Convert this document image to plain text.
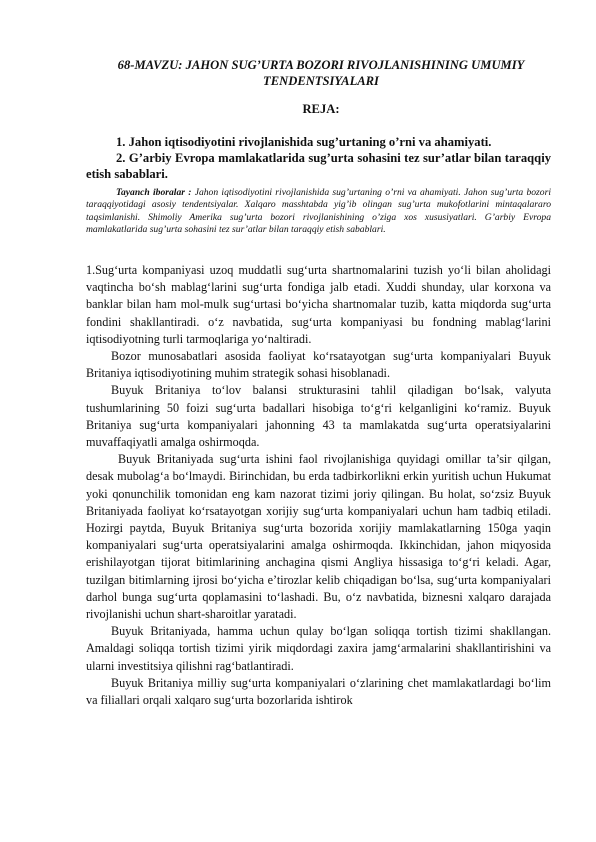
68-MAVZU: JAHON SUG’URTA BOZORI RIVOJLANISHINING UMUMIY TENDENTSIYALARI
REJA:

1. Jahon iqtisodiyotini rivojlanishida sug’urtaning o’rni va ahamiyati.

2. G’arbiy Evropa mamlakatlarida sug’urta sohasini tez sur’atlar bilan taraqqiy etish sabablari.

Tayanch iboralar : Jahon iqtisodiyotini rivojlanishida sug’urtaning o’rni va ahamiyati. Jahon sug’urta bozori taraqqiyotidagi asosiy tendentsiyalar. Xalqaro masshtabda yig’ib olingan sug’urta mukofotlarini mintaqalararo taqsimlanishi. Shimoliy Amerika sug’urta bozori rivojlanishining o’ziga xos xususiyatlari. G’arbiy Evropa mamlakatlarida sug’urta sohasini tez sur’atlar bilan taraqqiy etish sabablari.

1.Sug‘urta kompaniyasi uzoq muddatli sug‘urta shartnomalarini tuzish yo‘li bilan aholidagi vaqtincha bo‘sh mablag‘larini sug‘urta fondiga jalb etadi. Xuddi shunday, ular korxona va banklar bilan ham mol-mulk sug‘urtasi bo‘yicha shartnomalar tuzib, katta miqdorda sug‘urta fondini shakllantiradi. o‘z navbatida, sug‘urta kompaniyasi bu fondning mablag‘larini iqtisodiyotning turli tarmoqlariga yo‘naltiradi.

Bozor munosabatlari asosida faoliyat ko‘rsatayotgan sug‘urta kompaniyalari Buyuk Britaniya iqtisodiyotining muhim strategik sohasi hisoblanadi.

Buyuk Britaniya to‘lov balansi strukturasini tahlil qiladigan bo‘lsak, valyuta tushumlarining 50 foizi sug‘urta badallari hisobiga to‘g‘ri kelganligini ko‘ramiz. Buyuk Britaniya sug‘urta kompaniyalari jahonning 43 ta mamlakatda sug‘urta operatsiyalarini muvaffaqiyatli amalga oshirmoqda.

Buyuk Britaniyada sug‘urta ishini faol rivojlanishiga quyidagi omillar ta’sir qilgan, desak mubolag‘a bo‘lmaydi. Birinchidan, bu erda tadbirkorlikni erkin yuritish uchun Hukumat yoki qonunchilik tomonidan eng kam nazorat tizimi joriy qilingan. Bu holat, so‘zsiz Buyuk Britaniyada faoliyat ko‘rsatayotgan xorijiy sug‘urta kompaniyalari uchun ham tadbiq etiladi. Hozirgi paytda, Buyuk Britaniya sug‘urta bozorida xorijiy mamlakatlarning 150ga yaqin kompaniyalari sug‘urta operatsiyalarini amalga oshirmoqda. Ikkinchidan, jahon miqyosida erishilayotgan tijorat bitimlarining anchagina qismi Angliya hissasiga to‘g‘ri keladi. Agar, tuzilgan bitimlarning ijrosi bo‘yicha e’tirozlar kelib chiqadigan bo‘lsa, sug‘urta kompaniyalari darhol bunga sug‘urta qoplamasini to‘lashadi. Bu, o‘z navbatida, biznesni xalqaro darajada rivojlanishi uchun shart-sharoitlar yaratadi.

Buyuk Britaniyada, hamma uchun qulay bo‘lgan soliqqa tortish tizimi shakllangan. Amaldagi soliqqa tortish tizimi yirik miqdordagi zaxira jamg‘armalarini shakllantirishini va ularni investitsiya qilishni rag‘batlantiradi.

Buyuk Britaniya milliy sug‘urta kompaniyalari o‘zlarining chet mamlakatlardagi bo‘lim va filiallari orqali xalqaro sug‘urta bozorlarida ishtirok
